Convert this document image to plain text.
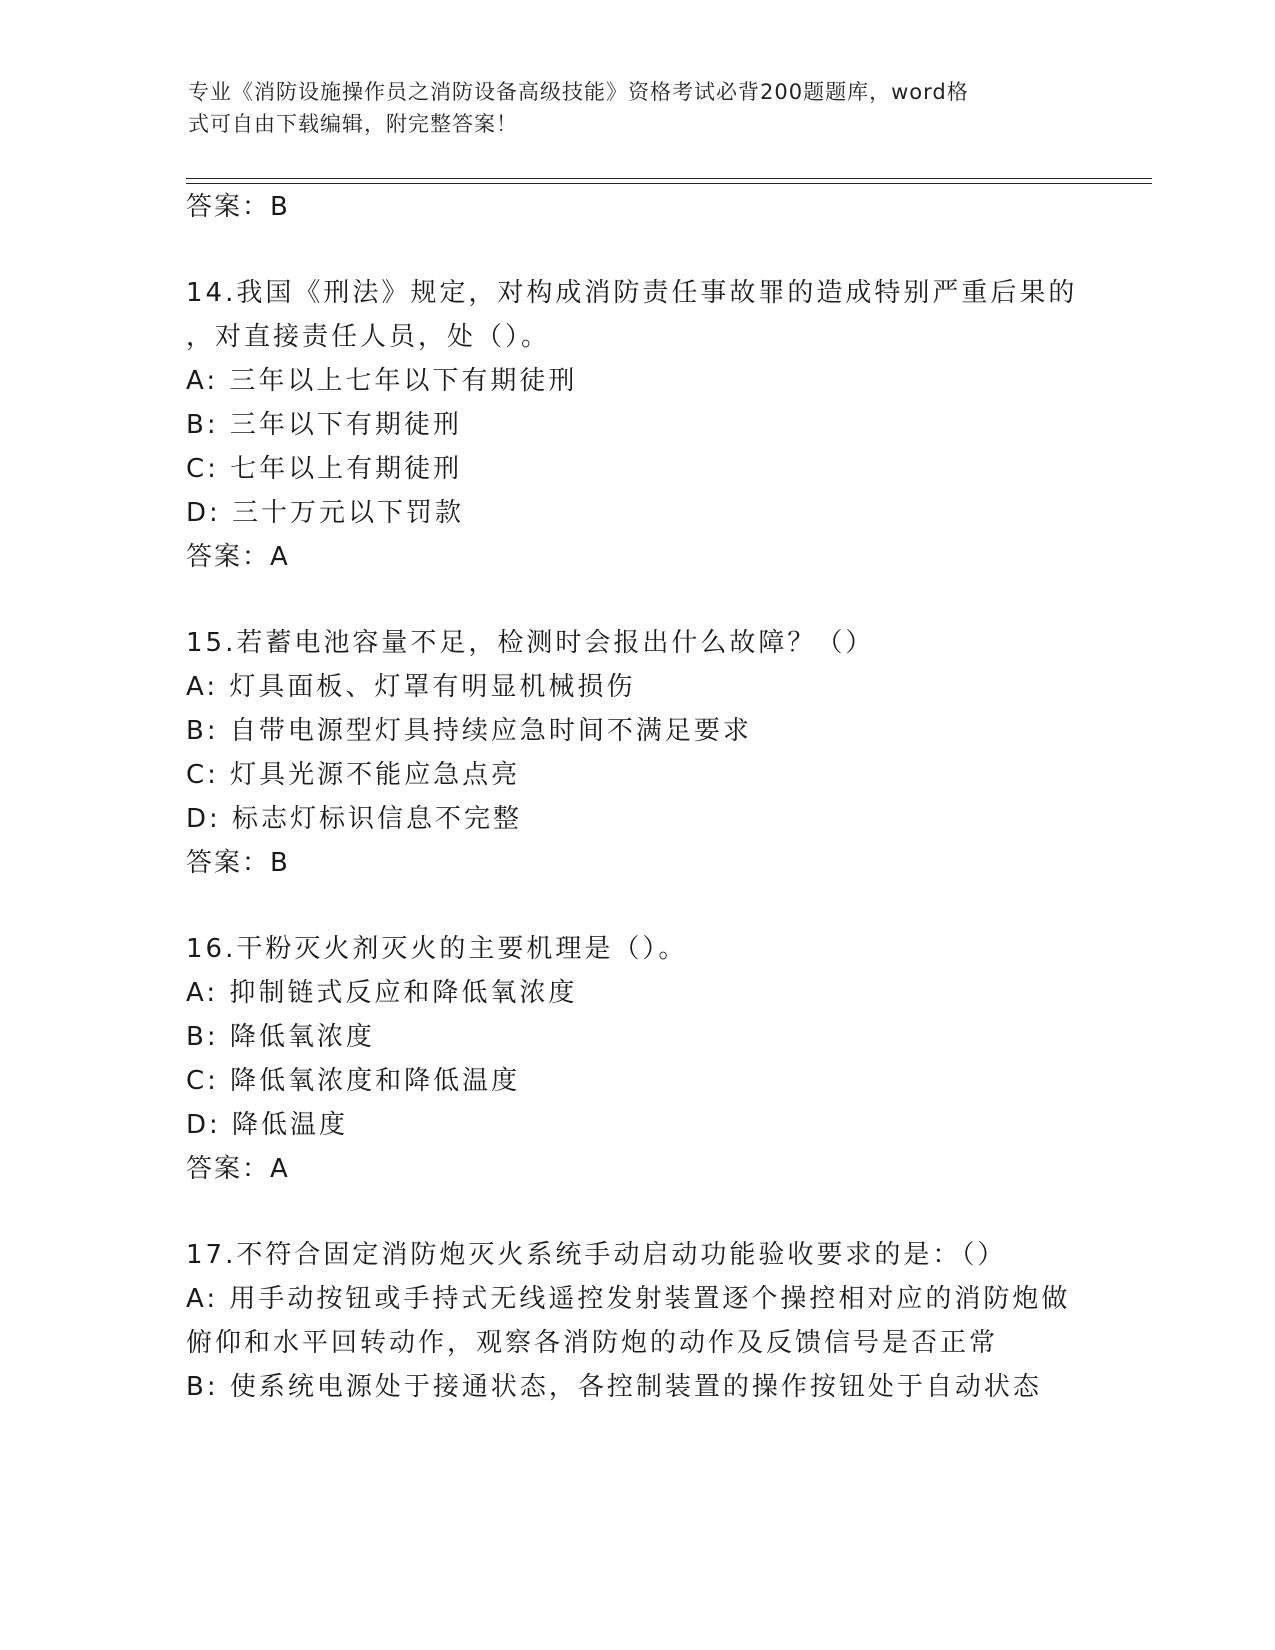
专业《消防设施操作员之消防设备高级技能》资格考试必背200题题库，word格
式可自由下载编辑，附完整答案！
答案：B
14.我国《刑法》规定，对构成消防责任事故罪的造成特别严重后果的
，对直接责任人员，处（）。
A: 三年以上七年以下有期徒刑
B: 三年以下有期徒刑
C: 七年以上有期徒刑
D: 三十万元以下罚款
答案：A
15.若蓄电池容量不足，检测时会报出什么故障？（）
A: 灯具面板、灯罩有明显机械损伤
B: 自带电源型灯具持续应急时间不满足要求
C: 灯具光源不能应急点亮
D: 标志灯标识信息不完整
答案：B
16.干粉灭火剂灭火的主要机理是（）。
A: 抑制链式反应和降低氧浓度
B: 降低氧浓度
C: 降低氧浓度和降低温度
D: 降低温度
答案：A
17.不符合固定消防炮灭火系统手动启动功能验收要求的是：（）
A: 用手动按钮或手持式无线遥控发射装置逐个操控相对应的消防炮做
俯仰和水平回转动作，观察各消防炮的动作及反馈信号是否正常
B: 使系统电源处于接通状态，各控制装置的操作按钮处于自动状态
